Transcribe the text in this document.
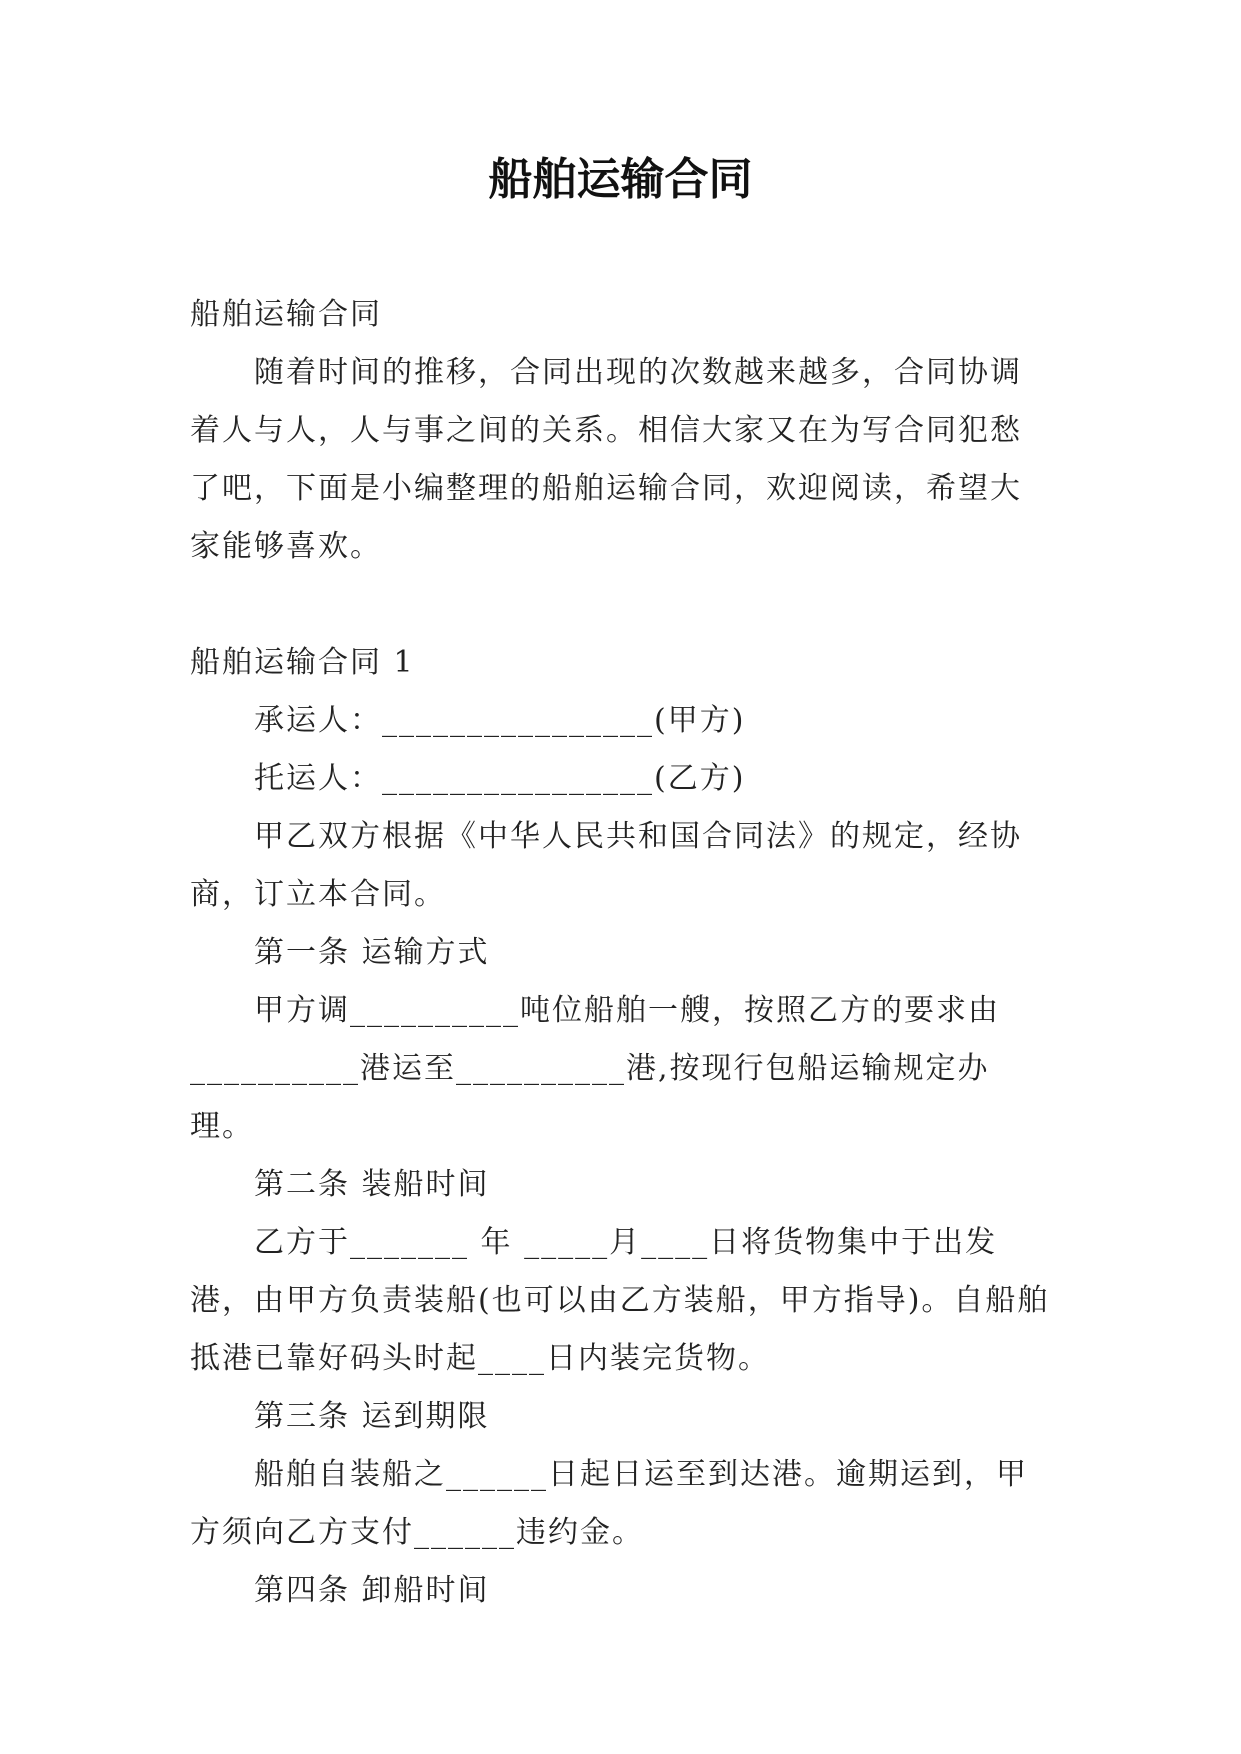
船舶运输合同

船舶运输合同

随着时间的推移，合同出现的次数越来越多，合同协调着人与人，人与事之间的关系。相信大家又在为写合同犯愁了吧，下面是小编整理的船舶运输合同，欢迎阅读，希望大家能够喜欢。

船舶运输合同 1

承运人：________________(甲方)

托运人：________________(乙方)

甲乙双方根据《中华人民共和国合同法》的规定，经协商，订立本合同。

第一条 运输方式

甲方调__________吨位船舶一艘，按照乙方的要求由__________港运至__________港,按现行包船运输规定办理。

第二条 装船时间

乙方于_______ 年 _____月____日将货物集中于出发港，由甲方负责装船(也可以由乙方装船，甲方指导)。自船舶抵港已靠好码头时起____日内装完货物。

第三条 运到期限

船舶自装船之______日起日运至到达港。逾期运到，甲方须向乙方支付______违约金。

第四条 卸船时间
